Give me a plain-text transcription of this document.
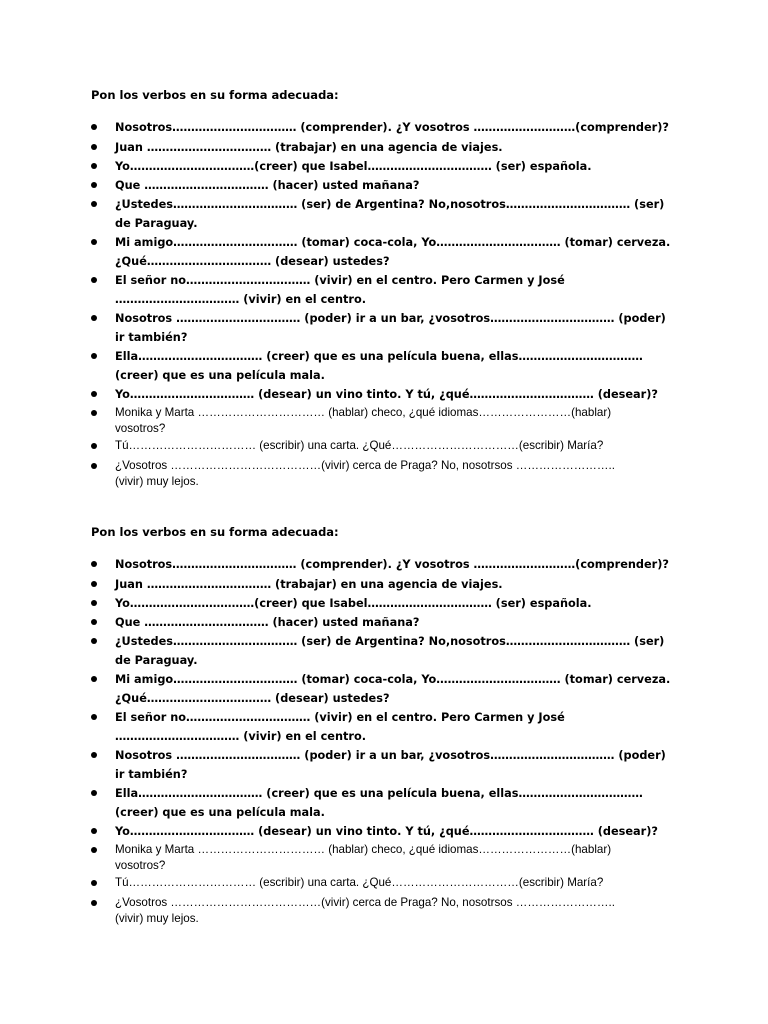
Pon los verbos en su forma adecuada:
Nosotros…………………………… (comprender). ¿Y vosotros ………………………(comprender)?
Juan …………………………… (trabajar) en una agencia de viajes.
Yo……………………………(creer) que Isabel…………………………… (ser) española.
Que …………………………… (hacer) usted mañana?
¿Ustedes…………………………… (ser) de Argentina? No,nosotros…………………………… (ser)
de Paraguay.
Mi amigo…………………………… (tomar) coca-cola, Yo…………………………… (tomar) cerveza.
¿Qué…………………………… (desear) ustedes?
El señor no…………………………… (vivir) en el centro. Pero Carmen y José
…………………………… (vivir) en el centro.
Nosotros …………………………… (poder) ir a un bar, ¿vosotros…………………………… (poder)
ir también?
Ella…………………………… (creer) que es una película buena, ellas……………………………
(creer) que es una película mala.
Yo…………………………… (desear) un vino tinto. Y tú, ¿qué…………………………… (desear)?
Monika y Marta …………………………… (hablar) checo, ¿qué idiomas……………………(hablar)
vosotros?
Tú…………………………… (escribir) una carta. ¿Qué……………………………(escribir) María?
¿Vosotros …………………………………(vivir) cerca de Praga? No, nosotrsos ……………………..
(vivir) muy lejos.
Pon los verbos en su forma adecuada:
Nosotros…………………………… (comprender). ¿Y vosotros ………………………(comprender)?
Juan …………………………… (trabajar) en una agencia de viajes.
Yo……………………………(creer) que Isabel…………………………… (ser) española.
Que …………………………… (hacer) usted mañana?
¿Ustedes…………………………… (ser) de Argentina? No,nosotros…………………………… (ser)
de Paraguay.
Mi amigo…………………………… (tomar) coca-cola, Yo…………………………… (tomar) cerveza.
¿Qué…………………………… (desear) ustedes?
El señor no…………………………… (vivir) en el centro. Pero Carmen y José
…………………………… (vivir) en el centro.
Nosotros …………………………… (poder) ir a un bar, ¿vosotros…………………………… (poder)
ir también?
Ella…………………………… (creer) que es una película buena, ellas……………………………
(creer) que es una película mala.
Yo…………………………… (desear) un vino tinto. Y tú, ¿qué…………………………… (desear)?
Monika y Marta …………………………… (hablar) checo, ¿qué idiomas……………………(hablar)
vosotros?
Tú…………………………… (escribir) una carta. ¿Qué……………………………(escribir) María?
¿Vosotros …………………………………(vivir) cerca de Praga? No, nosotrsos ……………………..
(vivir) muy lejos.
